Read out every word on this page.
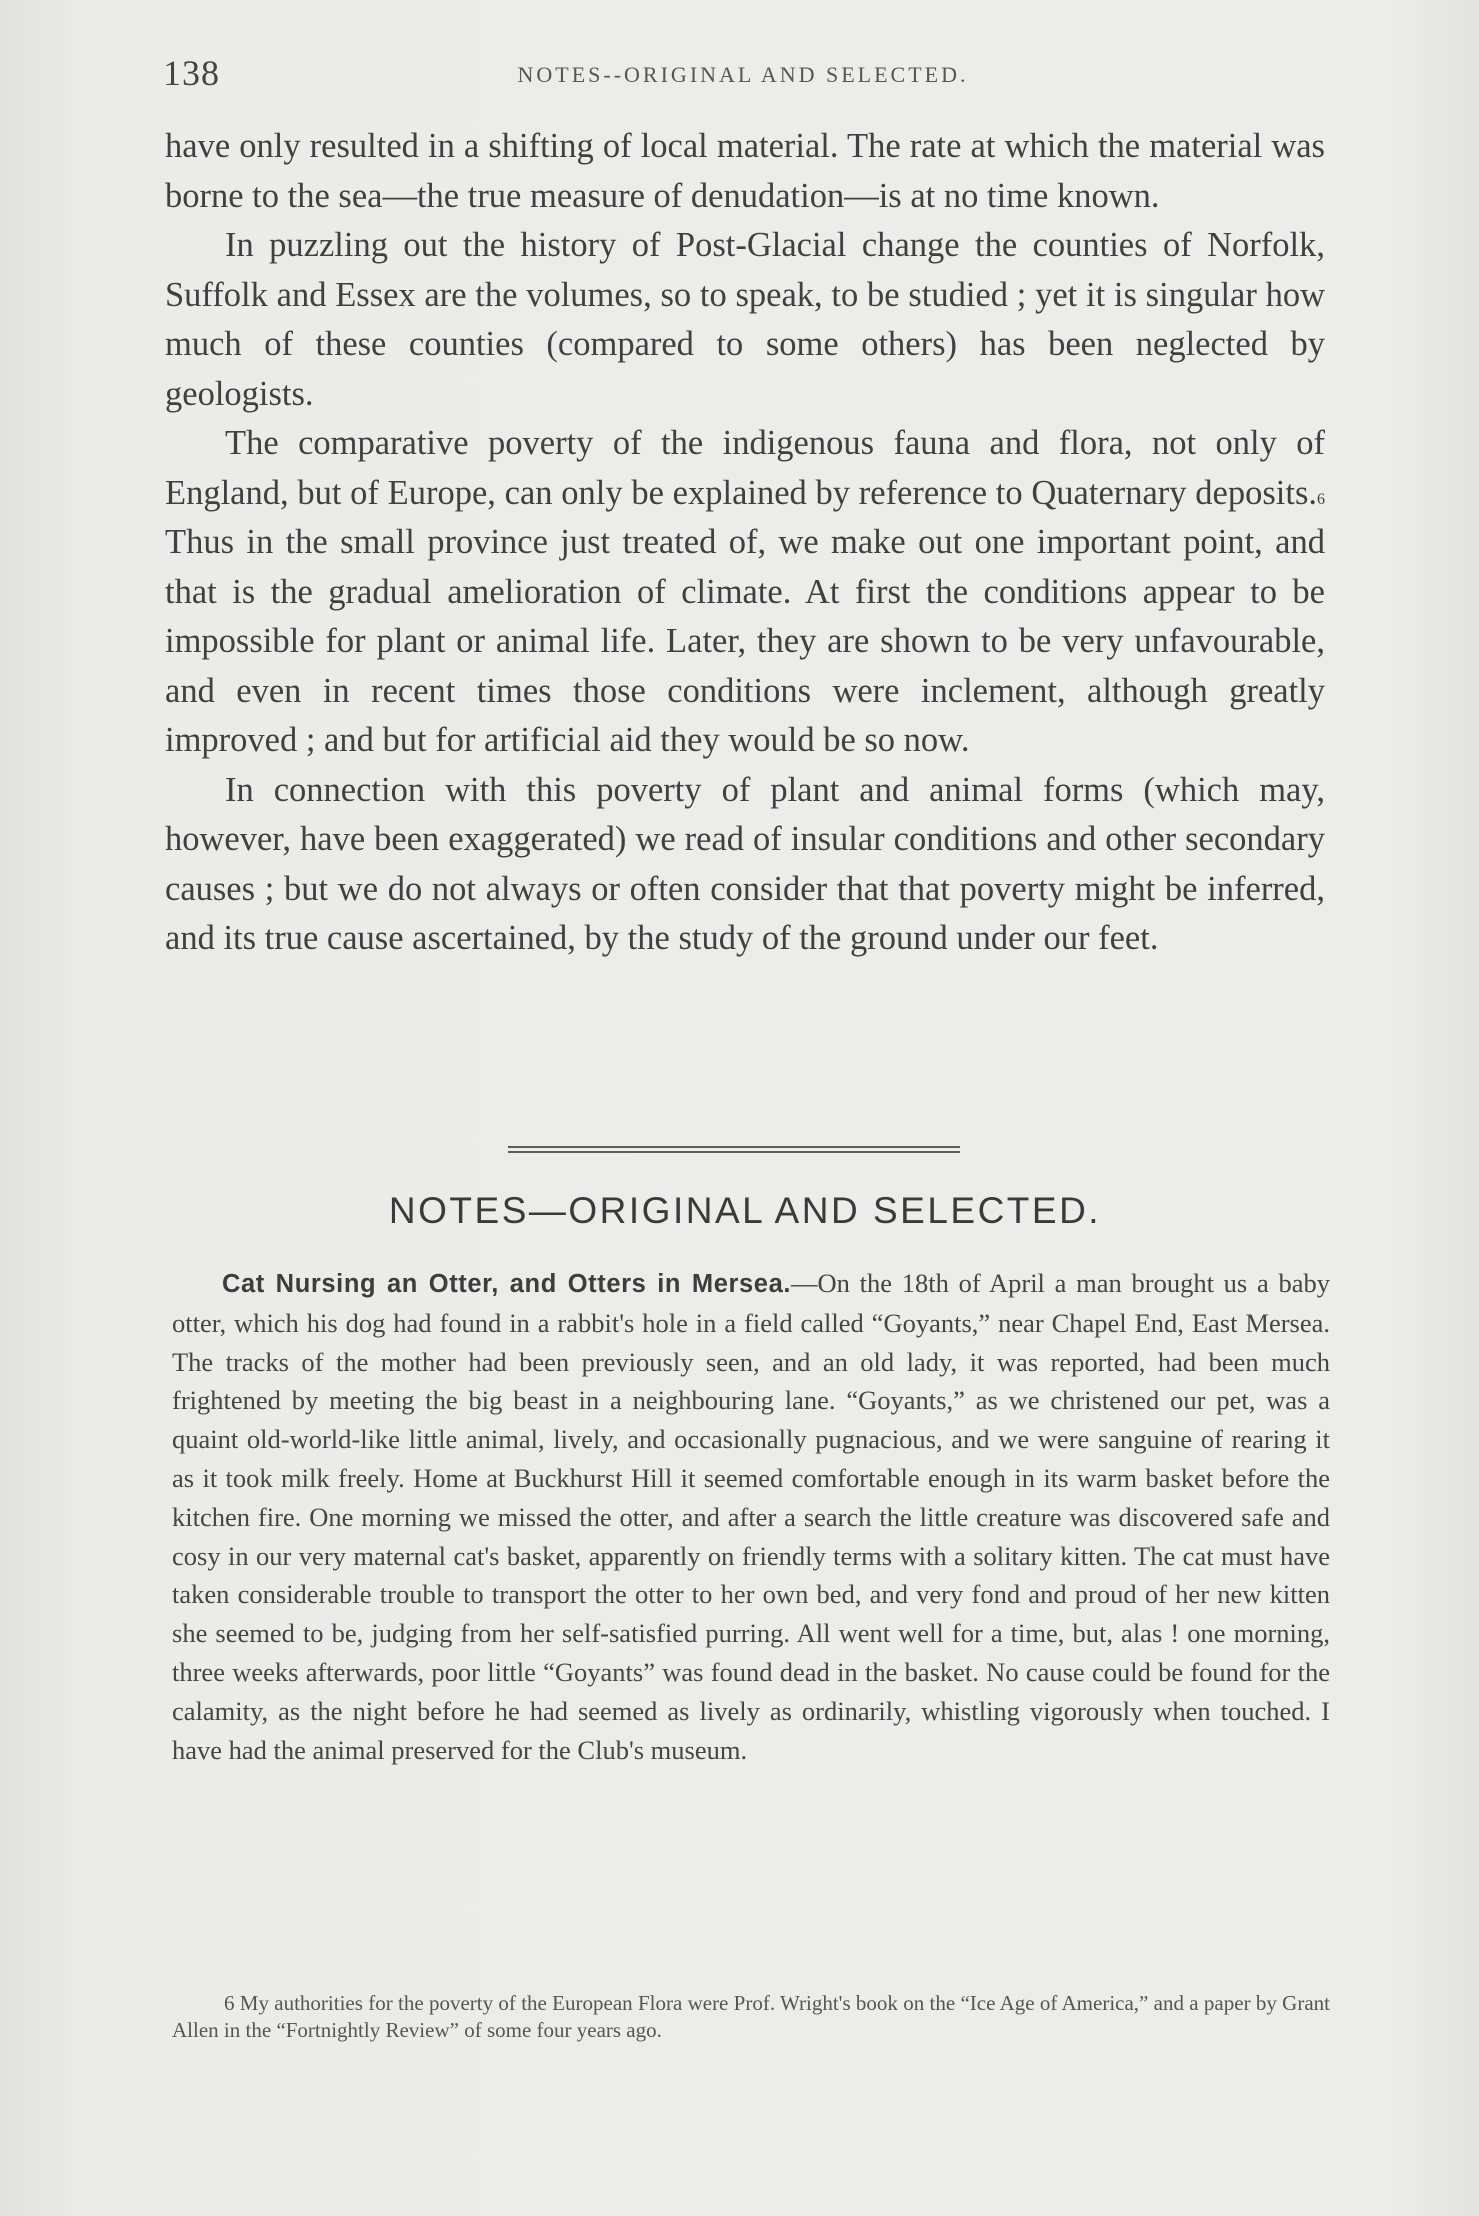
138	NOTES--ORIGINAL AND SELECTED.

have only resulted in a shifting of local material. The rate at which the material was borne to the sea—the true measure of denudation—is at no time known.

In puzzling out the history of Post-Glacial change the counties of Norfolk, Suffolk and Essex are the volumes, so to speak, to be studied ; yet it is singular how much of these counties (compared to some others) has been neglected by geologists.

The comparative poverty of the indigenous fauna and flora, not only of England, but of Europe, can only be explained by reference to Quaternary deposits.$^6$ Thus in the small province just treated of, we make out one important point, and that is the gradual amelioration of climate. At first the conditions appear to be impossible for plant or animal life. Later, they are shown to be very unfavourable, and even in recent times those conditions were inclement, although greatly improved ; and but for artificial aid they would be so now.

In connection with this poverty of plant and animal forms (which may, however, have been exaggerated) we read of insular conditions and other secondary causes ; but we do not always or often consider that that poverty might be inferred, and its true cause ascertained, by the study of the ground under our feet.

NOTES—ORIGINAL AND SELECTED.
Cat Nursing an Otter, and Otters in Mersea.—On the 18th of April a man brought us a baby otter, which his dog had found in a rabbit's hole in a field called “Goyants,” near Chapel End, East Mersea. The tracks of the mother had been previously seen, and an old lady, it was reported, had been much frightened by meeting the big beast in a neighbouring lane. “Goyants,” as we christened our pet, was a quaint old-world-like little animal, lively, and occasionally pugnacious, and we were sanguine of rearing it as it took milk freely. Home at Buckhurst Hill it seemed comfortable enough in its warm basket before the kitchen fire. One morning we missed the otter, and after a search the little creature was discovered safe and cosy in our very maternal cat's basket, apparently on friendly terms with a solitary kitten. The cat must have taken considerable trouble to transport the otter to her own bed, and very fond and proud of her new kitten she seemed to be, judging from her self-satisfied purring. All went well for a time, but, alas ! one morning, three weeks afterwards, poor little “Goyants” was found dead in the basket. No cause could be found for the calamity, as the night before he had seemed as lively as ordinarily, whistling vigorously when touched. I have had the animal preserved for the Club's museum.
6 My authorities for the poverty of the European Flora were Prof. Wright's book on the “Ice Age of America,” and a paper by Grant Allen in the “Fortnightly Review” of some four years ago.
